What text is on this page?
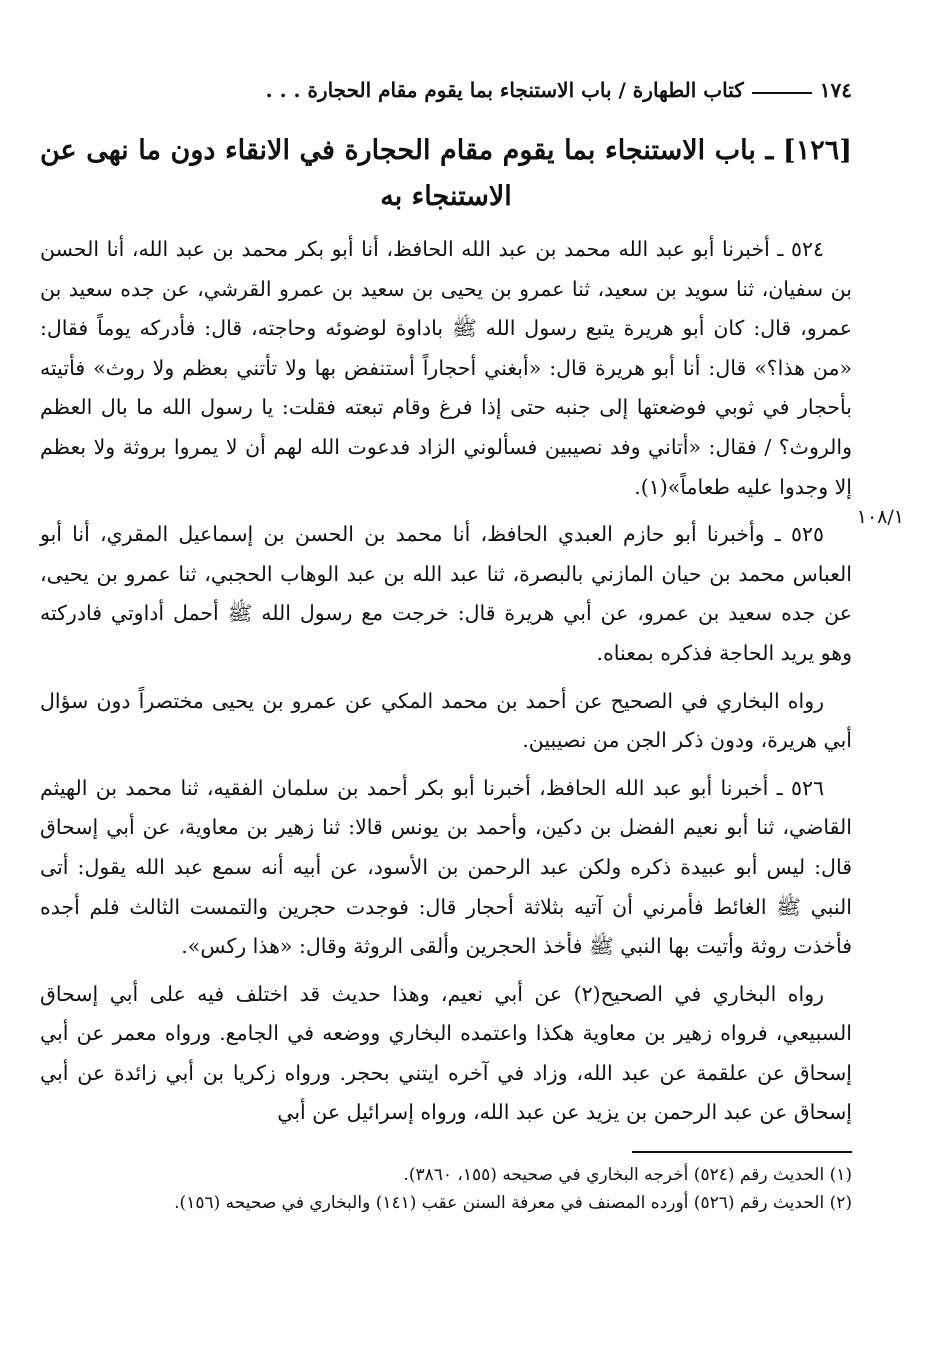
١٧٤
كتاب الطهارة / باب الاستنجاء بما يقوم مقام الحجارة . . .
[١٢٦] ـ باب الاستنجاء بما يقوم مقام الحجارة في الانقاء دون ما نهى عن الاستنجاء به
١٠٨/١

٥٢٤ ـ أخبرنا أبو عبد الله محمد بن عبد الله الحافظ، أنا أبو بكر محمد بن عبد الله، أنا الحسن بن سفيان، ثنا سويد بن سعيد، ثنا عمرو بن يحيى بن سعيد بن عمرو القرشي، عن جده سعيد بن عمرو، قال: كان أبو هريرة يتبع رسول الله ﷺ باداوة لوضوئه وحاجته، قال: فأدركه يوماً فقال: «من هذا؟» قال: أنا أبو هريرة قال: «أبغني أحجاراً أستنفض بها ولا تأتني بعظم ولا روث» فأتيته بأحجار في ثوبي فوضعتها إلى جنبه حتى إذا فرغ وقام تبعته فقلت: يا رسول الله ما بال العظم والروث؟ / فقال: «أتاني وفد نصيبين فسألوني الزاد فدعوت الله لهم أن لا يمروا بروثة ولا بعظم إلا وجدوا عليه طعاماً»(١).

٥٢٥ ـ وأخبرنا أبو حازم العبدي الحافظ، أنا محمد بن الحسن بن إسماعيل المقري، أنا أبو العباس محمد بن حيان المازني بالبصرة، ثنا عبد الله بن عبد الوهاب الحجبي، ثنا عمرو بن يحيى، عن جده سعيد بن عمرو، عن أبي هريرة قال: خرجت مع رسول الله ﷺ أحمل أداوتي فادركته وهو يريد الحاجة فذكره بمعناه.

رواه البخاري في الصحيح عن أحمد بن محمد المكي عن عمرو بن يحيى مختصراً دون سؤال أبي هريرة، ودون ذكر الجن من نصيبين.

٥٢٦ ـ أخبرنا أبو عبد الله الحافظ، أخبرنا أبو بكر أحمد بن سلمان الفقيه، ثنا محمد بن الهيثم القاضي، ثنا أبو نعيم الفضل بن دكين، وأحمد بن يونس قالا: ثنا زهير بن معاوية، عن أبي إسحاق قال: ليس أبو عبيدة ذكره ولكن عبد الرحمن بن الأسود، عن أبيه أنه سمع عبد الله يقول: أتى النبي ﷺ الغائط فأمرني أن آتيه بثلاثة أحجار قال: فوجدت حجرين والتمست الثالث فلم أجده فأخذت روثة وأتيت بها النبي ﷺ فأخذ الحجرين وألقى الروثة وقال: «هذا ركس».

رواه البخاري في الصحيح(٢) عن أبي نعيم، وهذا حديث قد اختلف فيه على أبي إسحاق السبيعي، فرواه زهير بن معاوية هكذا واعتمده البخاري ووضعه في الجامع. ورواه معمر عن أبي إسحاق عن علقمة عن عبد الله، وزاد في آخره ايتني بحجر. ورواه زكريا بن أبي زائدة عن أبي إسحاق عن عبد الرحمن بن يزيد عن عبد الله، ورواه إسرائيل عن أبي

(١) الحديث رقم (٥٢٤) أخرجه البخاري في صحيحه (١٥٥، ٣٨٦٠).

(٢) الحديث رقم (٥٢٦) أورده المصنف في معرفة السنن عقب (١٤١) والبخاري في صحيحه (١٥٦).
